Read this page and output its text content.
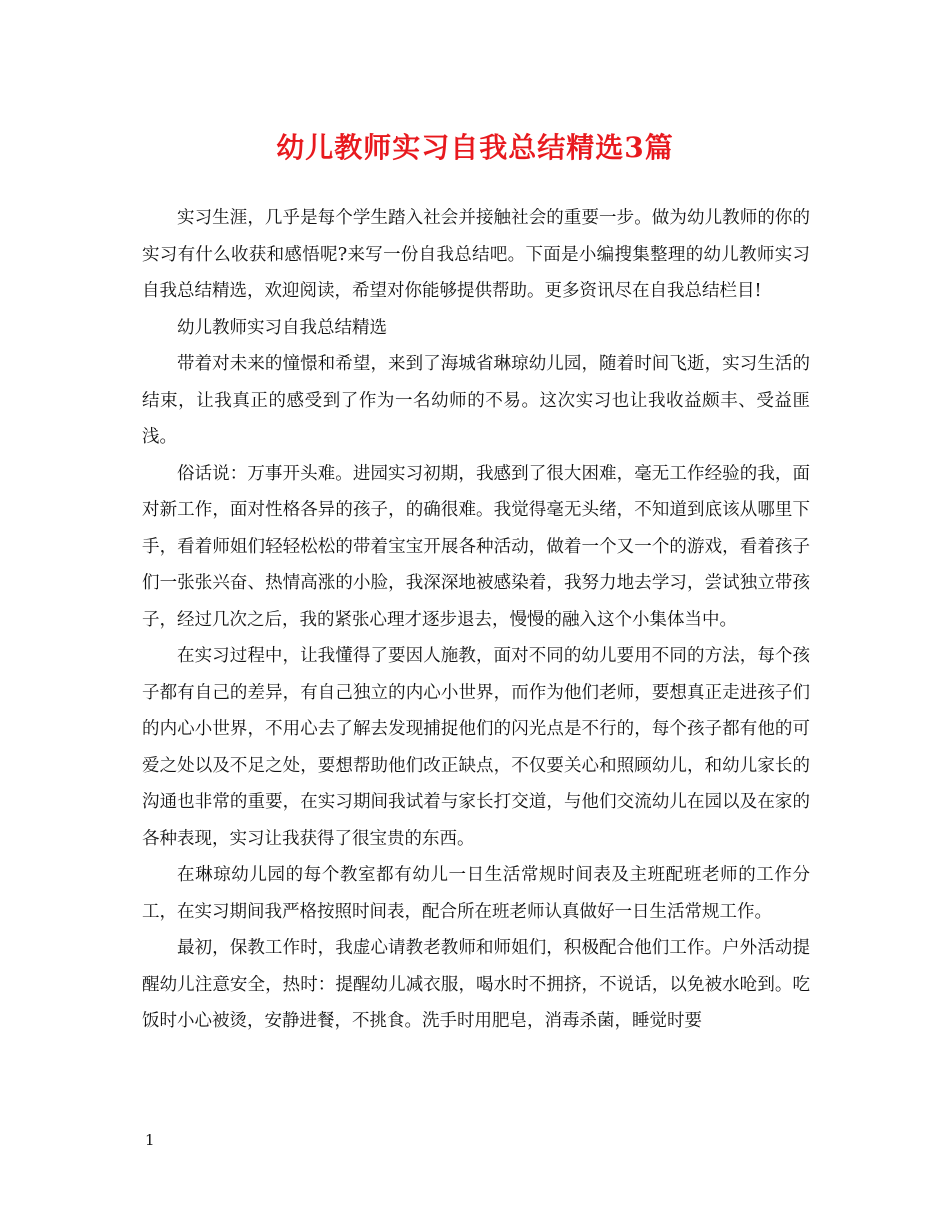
幼儿教师实习自我总结精选3篇

实习生涯，几乎是每个学生踏入社会并接触社会的重要一步。做为幼儿教师的你的实习有什么收获和感悟呢?来写一份自我总结吧。下面是小编搜集整理的幼儿教师实习自我总结精选，欢迎阅读，希望对你能够提供帮助。更多资讯尽在自我总结栏目!

幼儿教师实习自我总结精选

带着对未来的憧憬和希望，来到了海城省琳琼幼儿园，随着时间飞逝，实习生活的结束，让我真正的感受到了作为一名幼师的不易。这次实习也让我收益颇丰、受益匪浅。

俗话说：万事开头难。进园实习初期，我感到了很大困难，毫无工作经验的我，面对新工作，面对性格各异的孩子，的确很难。我觉得毫无头绪，不知道到底该从哪里下手，看着师姐们轻轻松松的带着宝宝开展各种活动，做着一个又一个的游戏，看着孩子们一张张兴奋、热情高涨的小脸，我深深地被感染着，我努力地去学习，尝试独立带孩子，经过几次之后，我的紧张心理才逐步退去，慢慢的融入这个小集体当中。

在实习过程中，让我懂得了要因人施教，面对不同的幼儿要用不同的方法，每个孩子都有自己的差异，有自己独立的内心小世界，而作为他们老师，要想真正走进孩子们的内心小世界，不用心去了解去发现捕捉他们的闪光点是不行的，每个孩子都有他的可爱之处以及不足之处，要想帮助他们改正缺点，不仅要关心和照顾幼儿，和幼儿家长的沟通也非常的重要，在实习期间我试着与家长打交道，与他们交流幼儿在园以及在家的各种表现，实习让我获得了很宝贵的东西。

在琳琼幼儿园的每个教室都有幼儿一日生活常规时间表及主班配班老师的工作分工，在实习期间我严格按照时间表，配合所在班老师认真做好一日生活常规工作。

最初，保教工作时，我虚心请教老教师和师姐们，积极配合他们工作。户外活动提醒幼儿注意安全，热时：提醒幼儿减衣服，喝水时不拥挤，不说话，以免被水呛到。吃饭时小心被烫，安静进餐，不挑食。洗手时用肥皂，消毒杀菌，睡觉时要

1
